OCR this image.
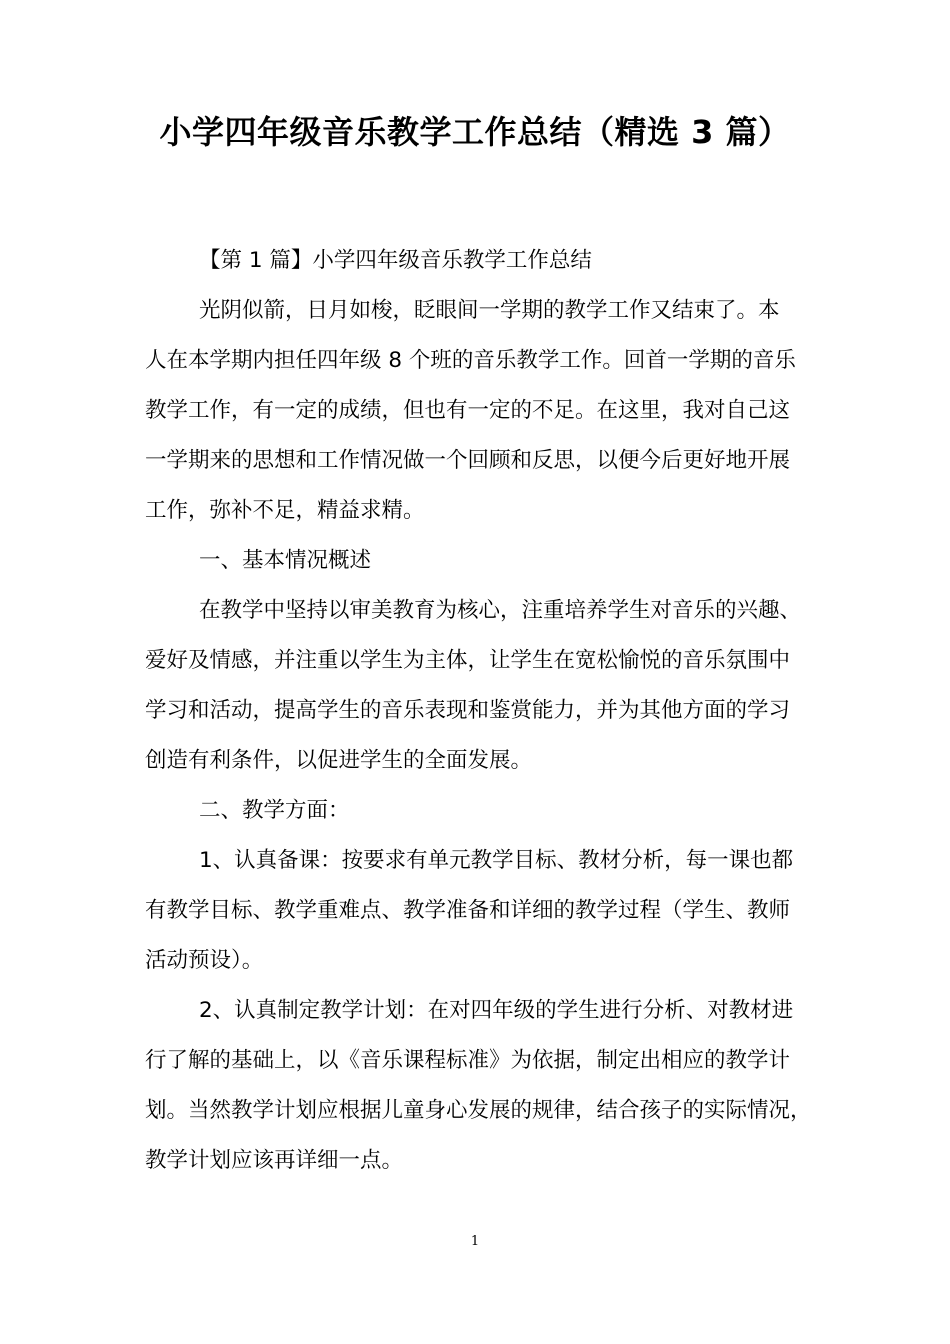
小学四年级音乐教学工作总结（精选 3 篇）
【第 1 篇】小学四年级音乐教学工作总结
光阴似箭，日月如梭，眨眼间一学期的教学工作又结束了。本
人在本学期内担任四年级 8 个班的音乐教学工作。回首一学期的音乐
教学工作，有一定的成绩，但也有一定的不足。在这里，我对自己这
一学期来的思想和工作情况做一个回顾和反思，以便今后更好地开展
工作，弥补不足，精益求精。
一、基本情况概述
在教学中坚持以审美教育为核心，注重培养学生对音乐的兴趣、
爱好及情感，并注重以学生为主体，让学生在宽松愉悦的音乐氛围中
学习和活动，提高学生的音乐表现和鉴赏能力，并为其他方面的学习
创造有利条件，以促进学生的全面发展。
二、教学方面：
1、认真备课：按要求有单元教学目标、教材分析，每一课也都
有教学目标、教学重难点、教学准备和详细的教学过程（学生、教师
活动预设）。
2、认真制定教学计划：在对四年级的学生进行分析、对教材进
行了解的基础上，以《音乐课程标准》为依据，制定出相应的教学计
划。当然教学计划应根据儿童身心发展的规律，结合孩子的实际情况，
教学计划应该再详细一点。
1
